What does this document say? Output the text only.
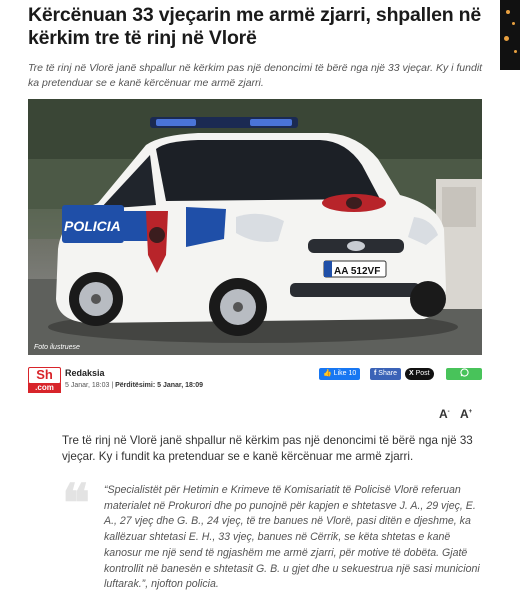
Kërcënuan 33 vjeçarin me armë zjarri, shpallen në kërkim tre të rinj në Vlorë

Tre të rinj në Vlorë janë shpallur në kërkim pas një denoncimi të bërë nga një 33 vjeçar. Ky i fundit ka pretenduar se e kanë kërcënuar me armë zjarri.

POLICIA
AA 512VF
Foto ilustruese
Sh
.com
Redaksia
5 Janar, 18:03 | Përditësimi: 5 Janar, 18:09
👍 Like 10	f Share	X Post
A- A+

Tre të rinj në Vlorë janë shpallur në kërkim pas një denoncimi të bërë nga një 33 vjeçar. Ky i fundit ka pretenduar se e kanë kërcënuar me armë zjarri.

❝ “Specialistët për Hetimin e Krimeve të Komisariatit të Policisë Vlorë referuan materialet në Prokurori dhe po punojnë për kapjen e shtetasve J. A., 29 vjeç, E. A., 27 vjeç dhe G. B., 24 vjeç, të tre banues në Vlorë, pasi ditën e djeshme, ka kallëzuar shtetasi E. H., 33 vjeç, banues në Cërrik, se këta shtetas e kanë kanosur me një send të ngjashëm me armë zjarri, për motive të dobëta. Gjatë kontrollit në banesën e shtetasit G. B. u gjet dhe u sekuestrua një sasi municioni luftarak.”, njofton policia.
